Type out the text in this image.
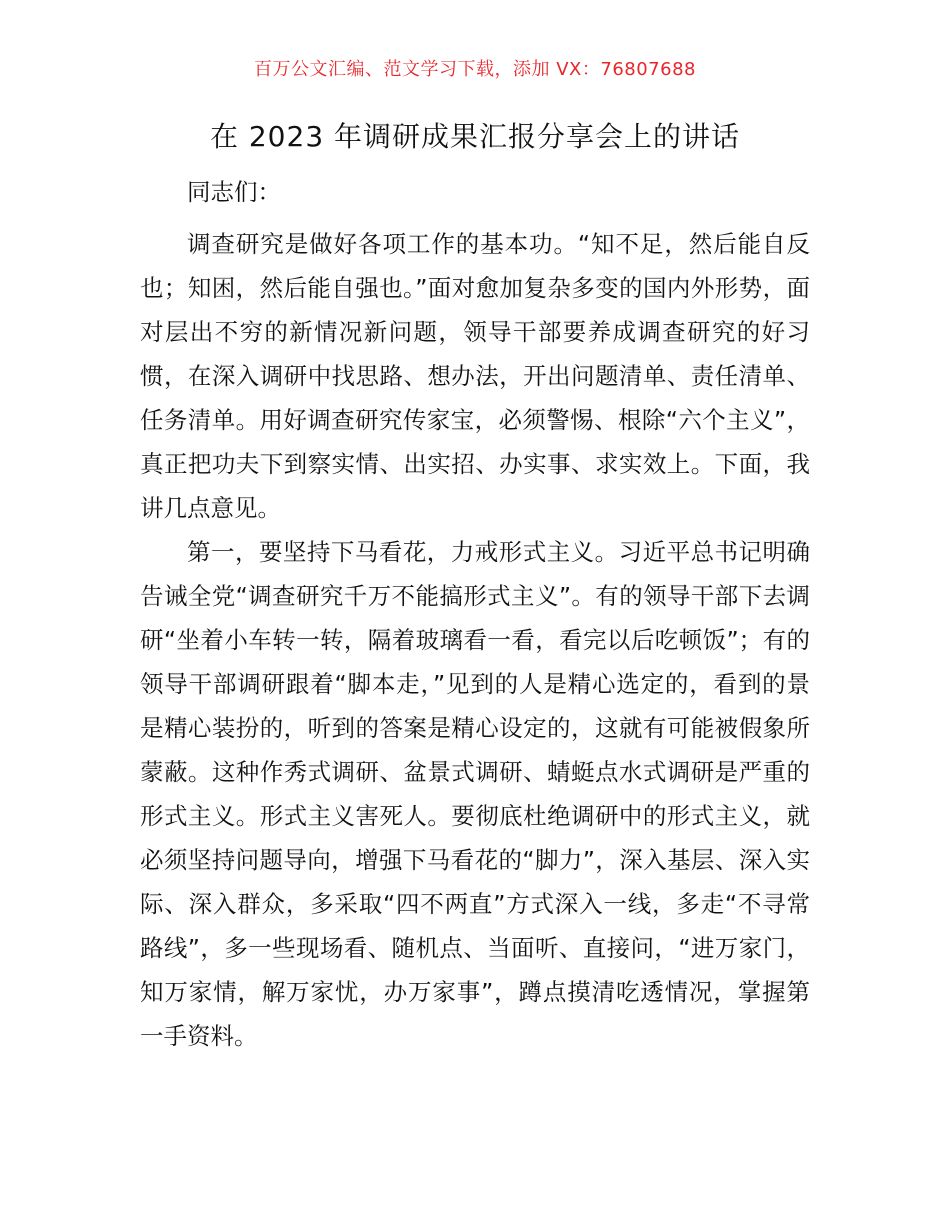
百万公文汇编、范文学习下载，添加 VX：76807688
在 2023 年调研成果汇报分享会上的讲话
同志们：
调查研究是做好各项工作的基本功。“知不足，然后能自反也；知困，然后能自强也。”面对愈加复杂多变的国内外形势，面对层出不穷的新情况新问题，领导干部要养成调查研究的好习惯，在深入调研中找思路、想办法，开出问题清单、责任清单、任务清单。用好调查研究传家宝，必须警惕、根除“六个主义”，真正把功夫下到察实情、出实招、办实事、求实效上。下面，我讲几点意见。
第一，要坚持下马看花，力戒形式主义。习近平总书记明确告诫全党“调查研究千万不能搞形式主义”。有的领导干部下去调研“坐着小车转一转，隔着玻璃看一看，看完以后吃顿饭”；有的领导干部调研跟着“脚本走，”见到的人是精心选定的，看到的景是精心装扮的，听到的答案是精心设定的，这就有可能被假象所蒙蔽。这种作秀式调研、盆景式调研、蜻蜓点水式调研是严重的形式主义。形式主义害死人。要彻底杜绝调研中的形式主义，就必须坚持问题导向，增强下马看花的“脚力”，深入基层、深入实际、深入群众，多采取“四不两直”方式深入一线，多走“不寻常路线”，多一些现场看、随机点、当面听、直接问，“进万家门，知万家情，解万家忧，办万家事”，蹲点摸清吃透情况，掌握第一手资料。
